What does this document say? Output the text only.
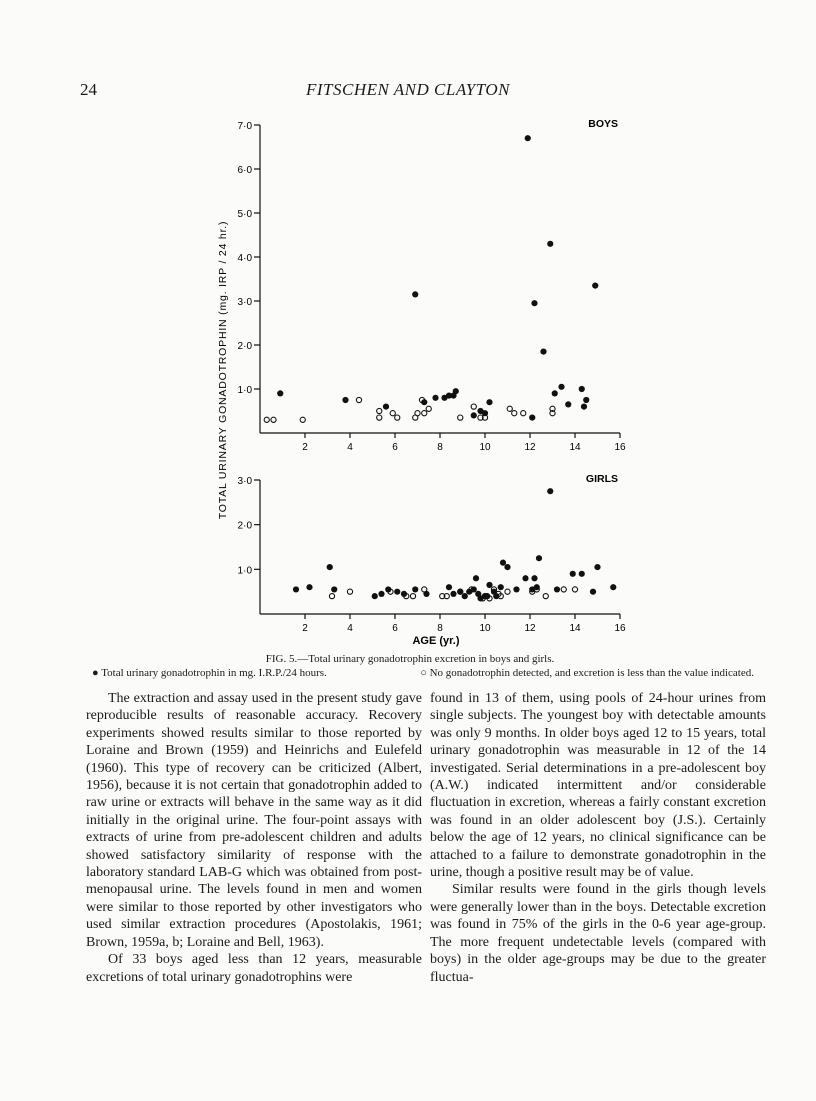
24	FITSCHEN AND CLAYTON
TOTAL URINARY GONADOTROPHIN (mg. IRP / 24 hr.) 1·0
2·0
3·0
4·0
5·0
6·0
7·0
2	4	6	8	10	12	14	16
BOYS
1·0
2·0
3·0
2	4	6	8	10	12	14	16
GIRLS
AGE (yr.)
FIG. 5.—Total urinary gonadotrophin excretion in boys and girls.
● Total urinary gonadotrophin in mg. I.R.P./24 hours.	○ No gonadotrophin detected, and excretion is less than the value indicated.

The extraction and assay used in the present study gave reproducible results of reasonable accuracy. Recovery experiments showed results similar to those reported by Loraine and Brown (1959) and Heinrichs and Eulefeld (1960). This type of recovery can be criticized (Albert, 1956), because it is not certain that gonadotrophin added to raw urine or extracts will behave in the same way as it did initially in the original urine. The four-point assays with extracts of urine from pre-adolescent children and adults showed satisfactory similarity of response with the laboratory standard LAB-G which was obtained from post-menopausal urine. The levels found in men and women were similar to those reported by other investigators who used similar extraction procedures (Apostolakis, 1961; Brown, 1959a, b; Loraine and Bell, 1963).

Of 33 boys aged less than 12 years, measurable excretions of total urinary gonadotrophins were

found in 13 of them, using pools of 24-hour urines from single subjects. The youngest boy with detectable amounts was only 9 months. In older boys aged 12 to 15 years, total urinary gonadotrophin was measurable in 12 of the 14 investigated. Serial determinations in a pre-adolescent boy (A.W.) indicated intermittent and/or considerable fluctuation in excretion, whereas a fairly constant excretion was found in an older adolescent boy (J.S.). Certainly below the age of 12 years, no clinical significance can be attached to a failure to demonstrate gonadotrophin in the urine, though a positive result may be of value.

Similar results were found in the girls though levels were generally lower than in the boys. Detectable excretion was found in 75% of the girls in the 0-6 year age-group. The more frequent undetectable levels (compared with boys) in the older age-groups may be due to the greater fluctua-
